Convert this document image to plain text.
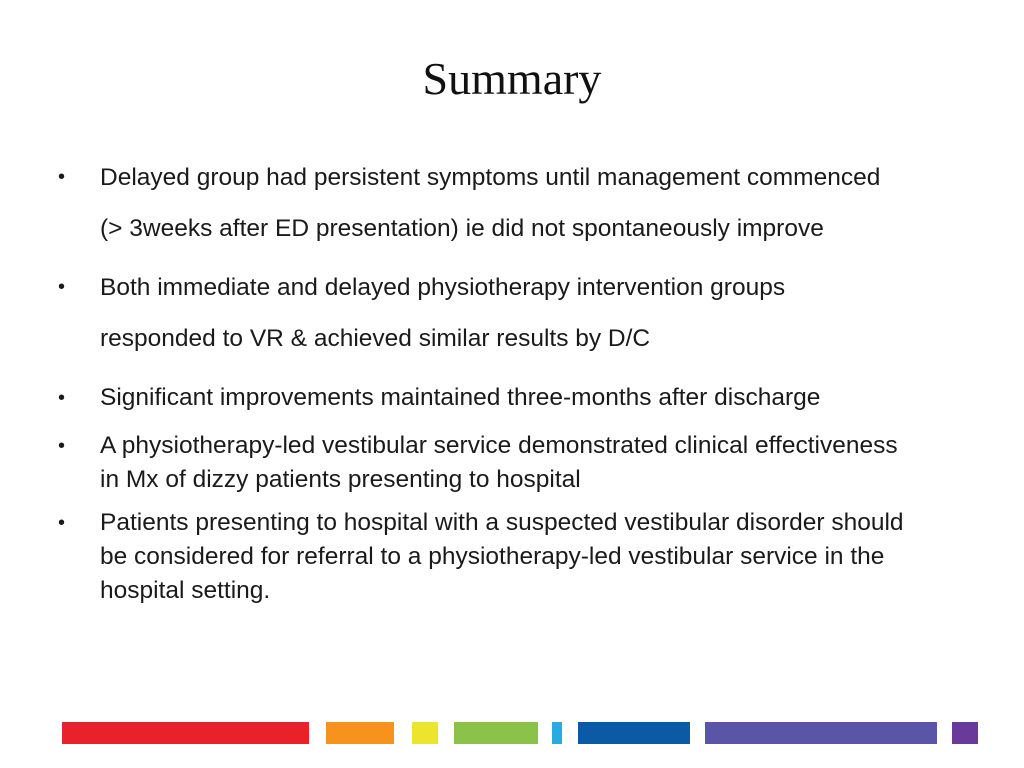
Summary
•	Delayed group had persistent symptoms until management commenced
(> 3weeks after ED presentation) ie did not spontaneously improve
•	Both immediate and delayed physiotherapy intervention groups
responded to VR & achieved similar results by D/C
•	Significant improvements maintained three-months after discharge
•	A physiotherapy-led vestibular service demonstrated clinical effectiveness
in Mx of dizzy patients presenting to hospital
•	Patients presenting to hospital with a suspected vestibular disorder should
be considered for referral to a physiotherapy-led vestibular service in the
hospital setting.
